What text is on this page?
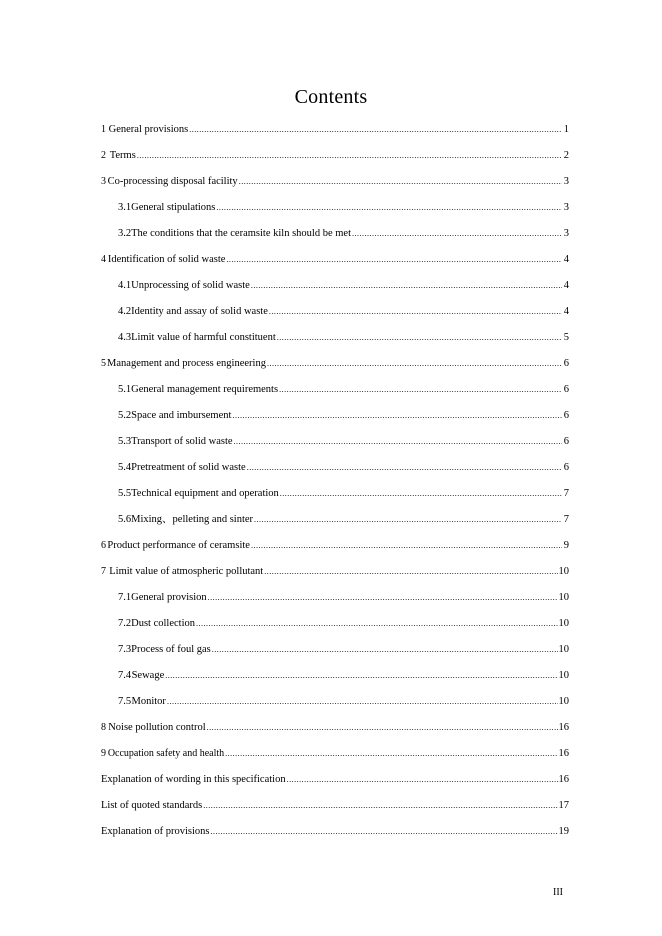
Contents
1 General provisions .....	1
2 Terms .....	2
3 Co-processing disposal facility .....	3
3.1 General stipulations .....	3
3.2 The conditions that the ceramsite kiln should be met .....	3
4 Identification of solid waste .....	4
4.1 Unprocessing of solid waste .....	4
4.2 Identity and assay of solid waste .....	4
4.3 Limit value of harmful constituent .....	5
5 Management and process engineering .....	6
5.1 General management requirements .....	6
5.2 Space and imbursement .....	6
5.3 Transport of solid waste .....	6
5.4 Pretreatment of solid waste .....	6
5.5 Technical equipment and operation .....	7
5.6 Mixing、pelleting and sinter .....	7
6 Product performance of ceramsite .....	9
7 Limit value of atmospheric pollutant .....	10
7.1 General provision .....	10
7.2 Dust collection .....	10
7.3 Process of foul gas .....	10
7.4 Sewage .....	10
7.5 Monitor .....	10
8 Noise pollution control .....	16
9 Occupation safety and health .....	16
Explanation of wording in this specification .....	16
List of quoted standards .....	17
Explanation of provisions .....	19
III
